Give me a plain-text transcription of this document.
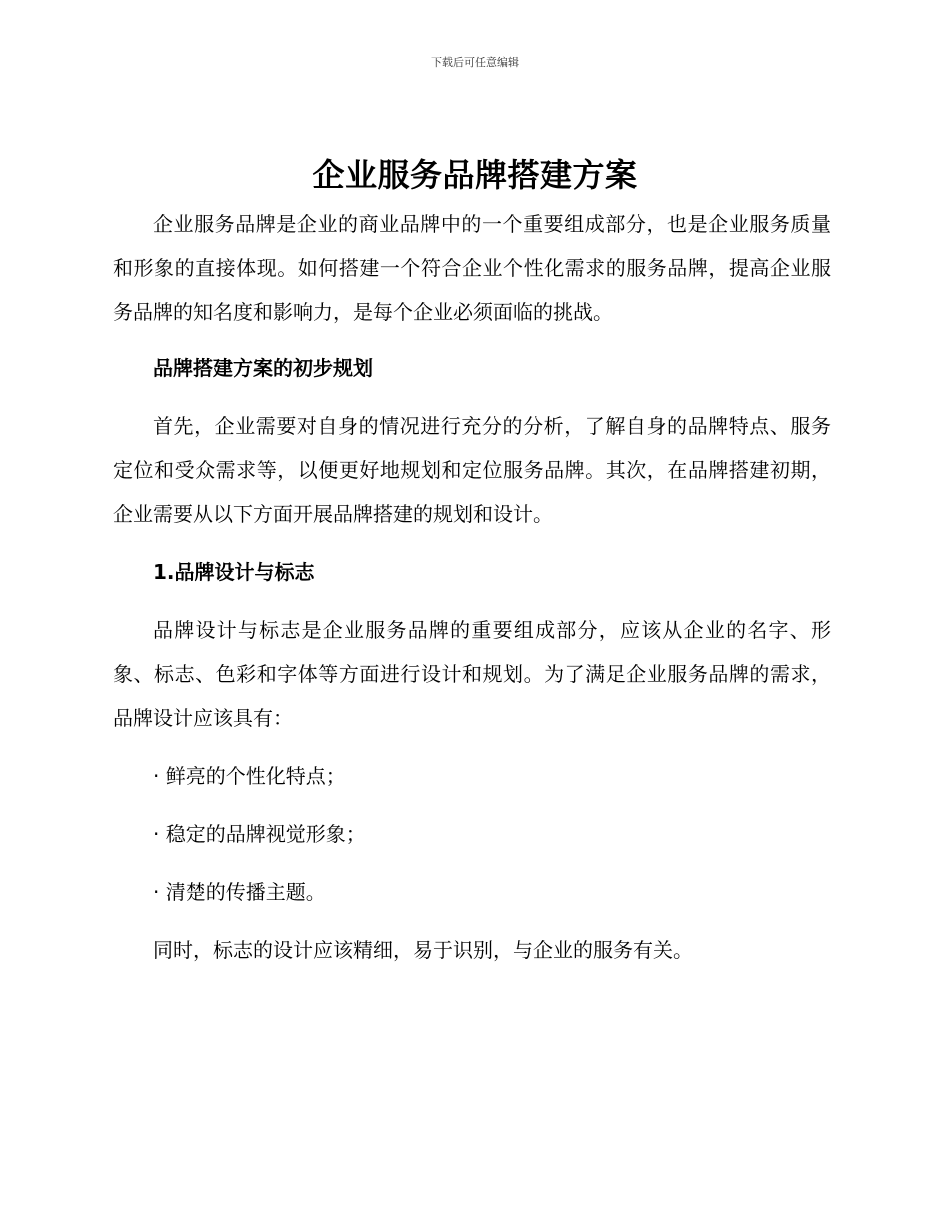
下载后可任意编辑
企业服务品牌搭建方案

企业服务品牌是企业的商业品牌中的一个重要组成部分，也是企业服务质量和形象的直接体现。如何搭建一个符合企业个性化需求的服务品牌，提高企业服务品牌的知名度和影响力，是每个企业必须面临的挑战。

品牌搭建方案的初步规划

首先，企业需要对自身的情况进行充分的分析，了解自身的品牌特点、服务定位和受众需求等，以便更好地规划和定位服务品牌。其次，在品牌搭建初期，企业需要从以下方面开展品牌搭建的规划和设计。

1.品牌设计与标志

品牌设计与标志是企业服务品牌的重要组成部分，应该从企业的名字、形象、标志、色彩和字体等方面进行设计和规划。为了满足企业服务品牌的需求，品牌设计应该具有：

· 鲜亮的个性化特点；

· 稳定的品牌视觉形象；

· 清楚的传播主题。

同时，标志的设计应该精细，易于识别，与企业的服务有关。
